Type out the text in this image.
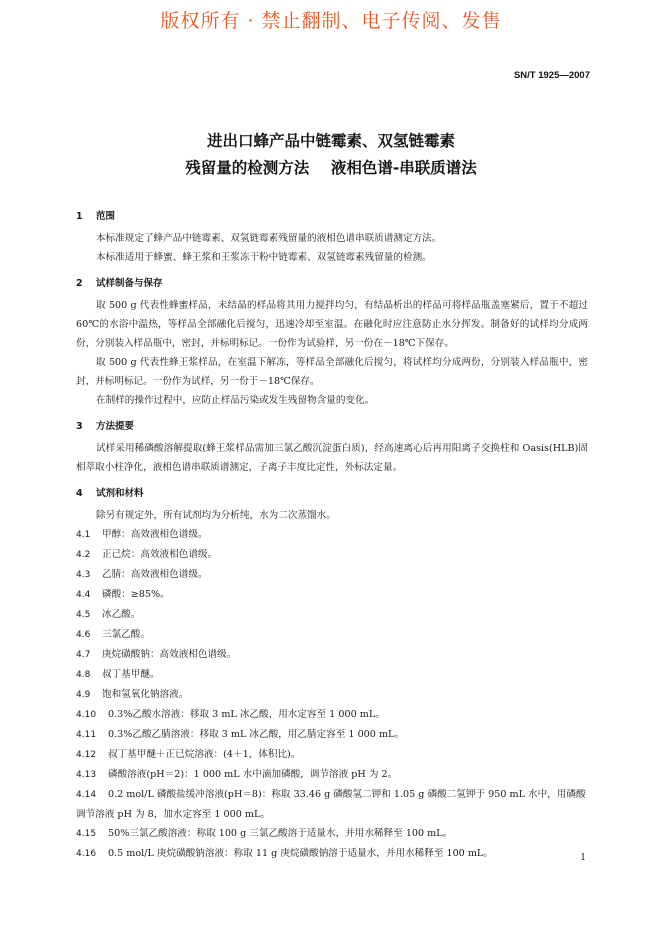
版权所有 · 禁止翻制、电子传阅、发售
SN/T 1925—2007
进出口蜂产品中链霉素、双氢链霉素
残留量的检测方法    液相色谱-串联质谱法
1 范围

本标准规定了蜂产品中链霉素、双氢链霉素残留量的液相色谱串联质谱测定方法。

本标准适用于蜂蜜、蜂王浆和王浆冻干粉中链霉素、双氢链霉素残留量的检测。

2 试样制备与保存

取 500 g 代表性蜂蜜样品，未结晶的样品将其用力搅拌均匀，有结晶析出的样品可将样品瓶盖塞紧后，置于不超过 60℃的水浴中温热，等样品全部融化后搅匀，迅速冷却至室温。在融化时应注意防止水分挥发。制备好的试样均分成两份，分别装入样品瓶中，密封，并标明标记。一份作为试验样，另一份在－18℃下保存。

取 500 g 代表性蜂王浆样品，在室温下解冻，等样品全部融化后搅匀，将试样均分成两份，分别装入样品瓶中，密封，并标明标记。一份作为试样，另一份于－18℃保存。

在制样的操作过程中，应防止样品污染或发生残留物含量的变化。

3 方法提要

试样采用稀磷酸溶解提取(蜂王浆样品需加三氯乙酸沉淀蛋白质)，经高速离心后再用阳离子交换柱和 Oasis(HLB)固相萃取小柱净化，液相色谱串联质谱测定，子离子丰度比定性，外标法定量。

4 试剂和材料

除另有规定外，所有试剂均为分析纯，水为二次蒸馏水。

4.1 甲醇：高效液相色谱级。
4.2 正己烷：高效液相色谱级。
4.3 乙腈：高效液相色谱级。
4.4 磷酸：≥85%。
4.5 冰乙酸。
4.6 三氯乙酸。
4.7 庚烷磺酸钠：高效液相色谱级。
4.8 叔丁基甲醚。
4.9 饱和氢氧化钠溶液。
4.10 0.3%乙酸水溶液：移取 3 mL 冰乙酸，用水定容至 1 000 mL。
4.11 0.3%乙酸乙腈溶液：移取 3 mL 冰乙酸，用乙腈定容至 1 000 mL。
4.12 叔丁基甲醚＋正已烷溶液：(4＋1，体积比)。
4.13 磷酸溶液(pH＝2)：1 000 mL 水中滴加磷酸，调节溶液 pH 为 2。
4.14 0.2 mol/L 磷酸盐缓冲溶液(pH＝8)：称取 33.46 g 磷酸氢二钾和 1.05 g 磷酸二氢钾于 950 mL 水中，用磷酸调节溶液 pH 为 8，加水定容至 1 000 mL。
4.15 50%三氯乙酸溶液：称取 100 g 三氯乙酸溶于适量水，并用水稀释至 100 mL。
4.16 0.5 mol/L 庚烷磺酸钠溶液：称取 11 g 庚烷磺酸钠溶于适量水，并用水稀释至 100 mL。	1
